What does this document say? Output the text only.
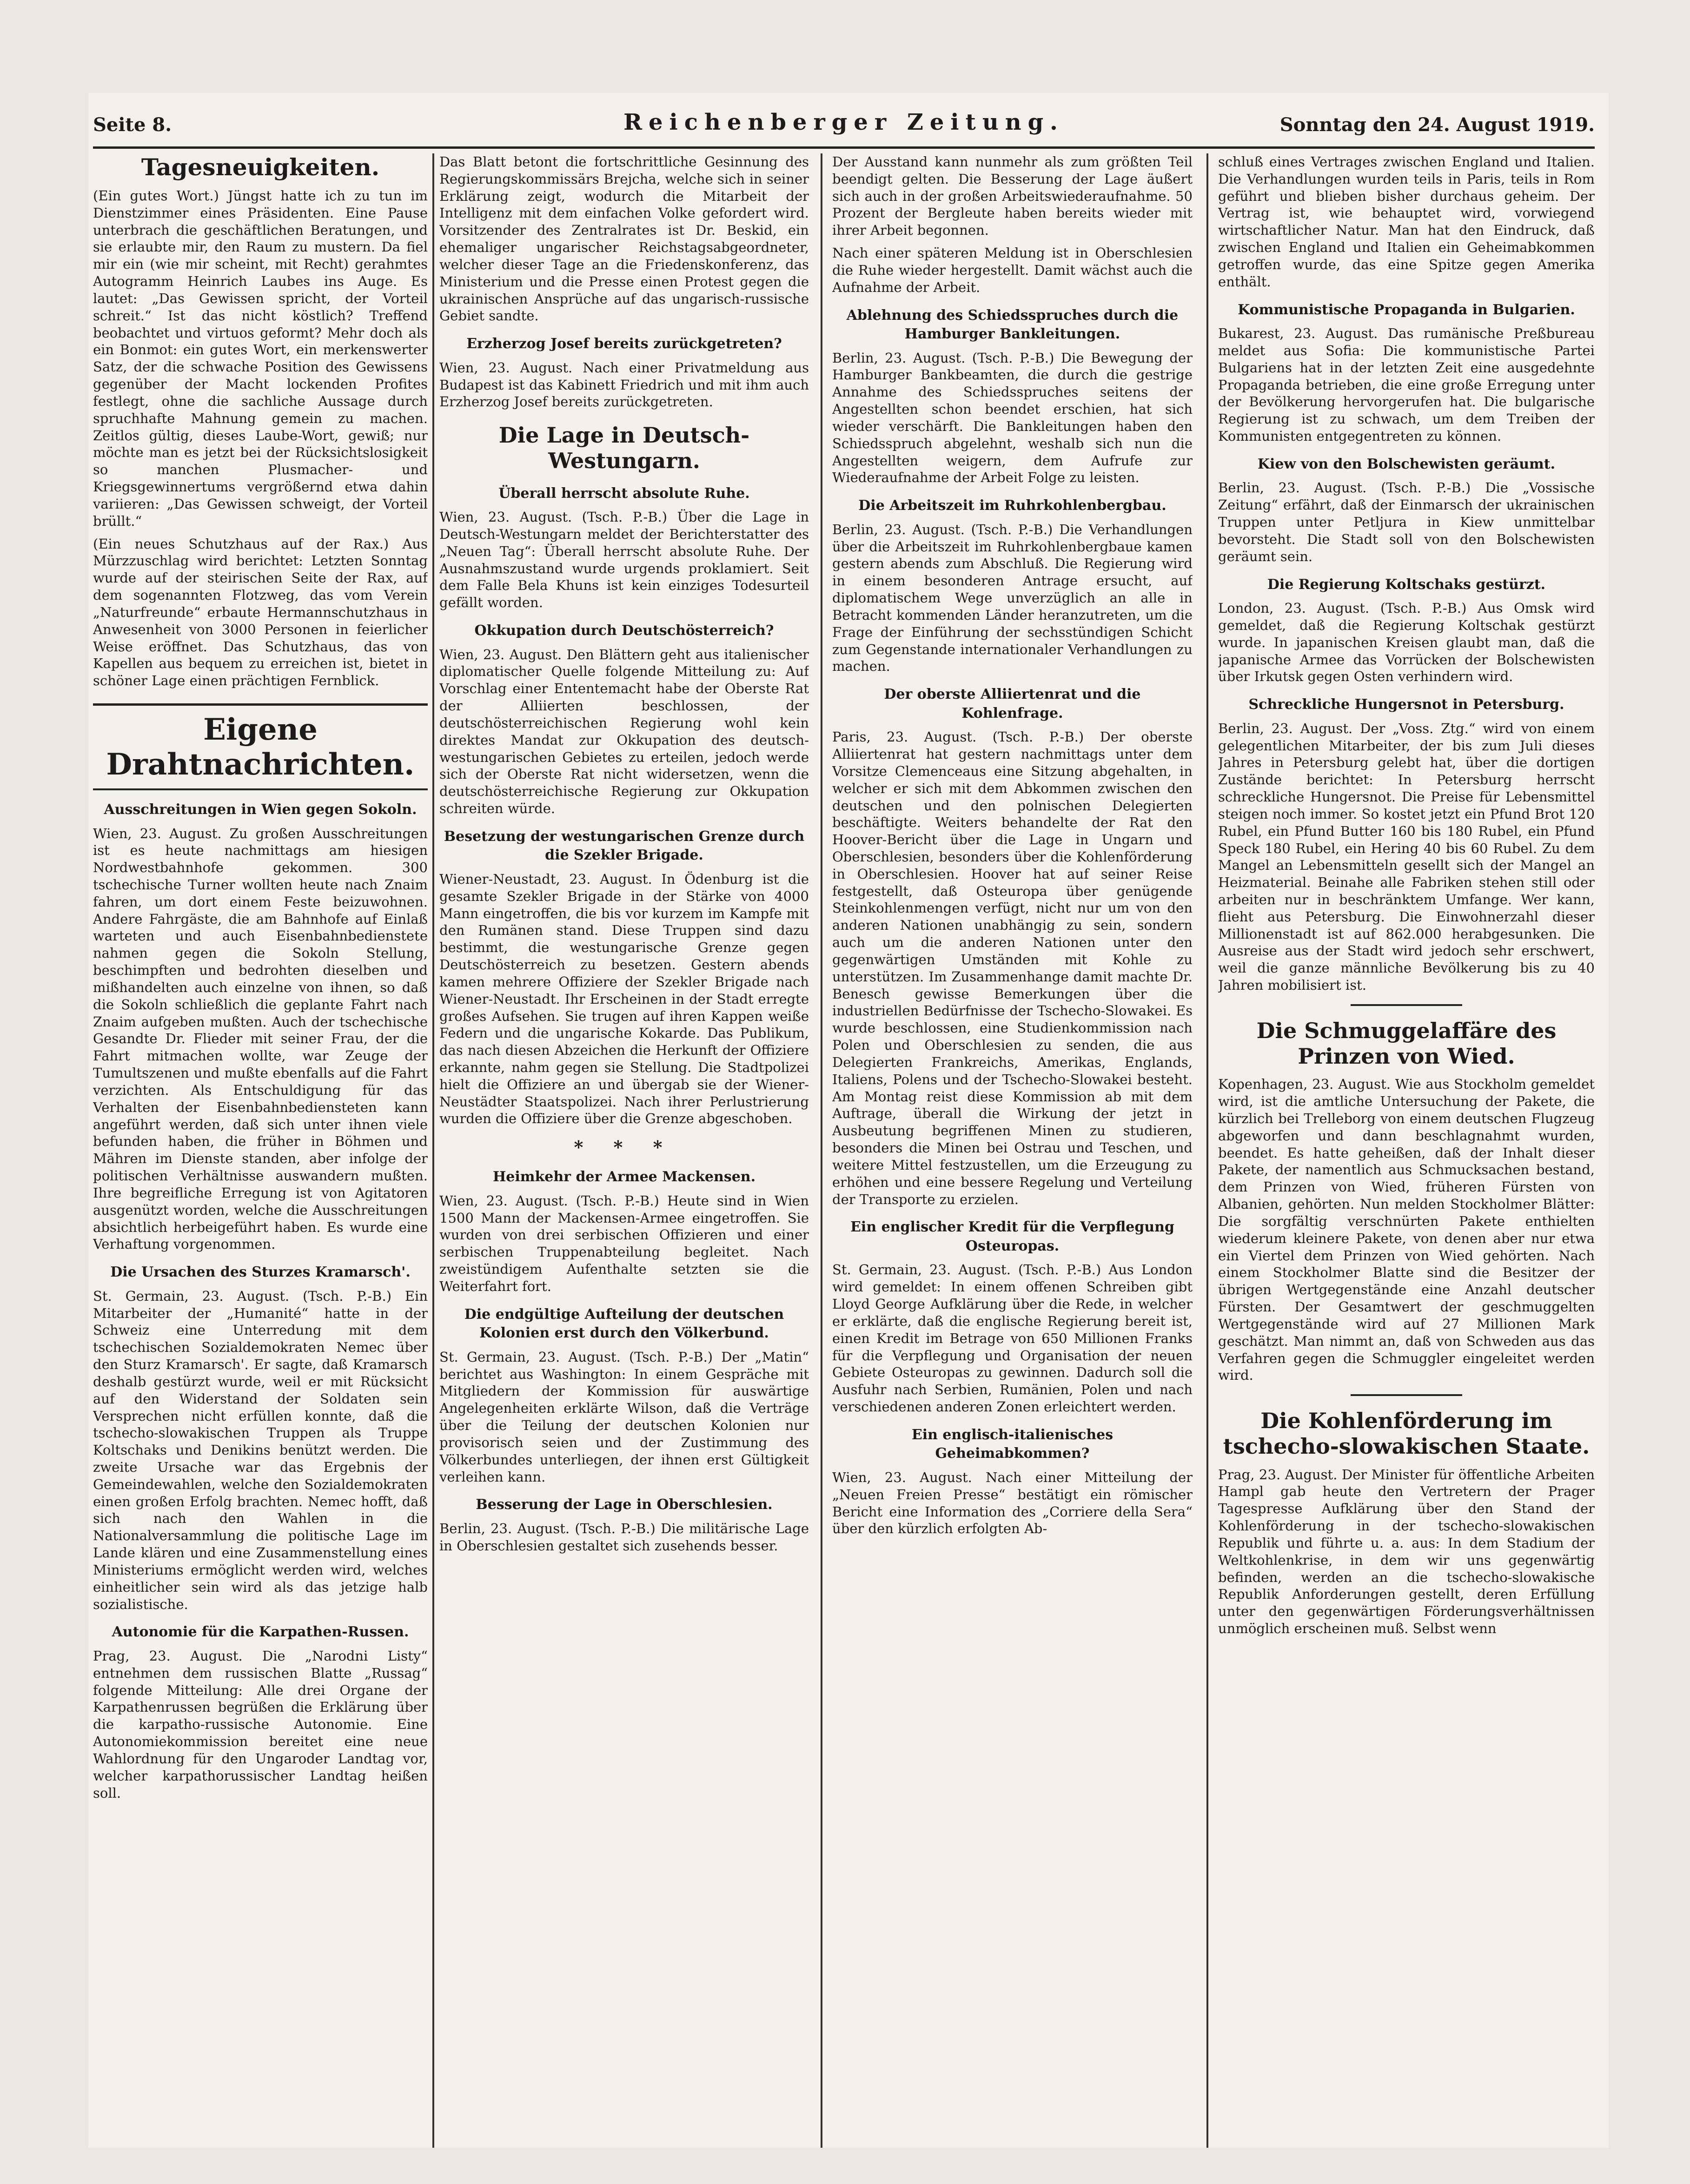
Seite 8.	Reichenberger Zeitung.	Sonntag den 24. August 1919.
Tagesneuigkeiten.

(Ein gutes Wort.) Jüngst hatte ich zu tun im Dienstzimmer eines Präsidenten. Eine Pause unterbrach die geschäftlichen Beratungen, und sie erlaubte mir, den Raum zu mustern. Da fiel mir ein (wie mir scheint, mit Recht) gerahmtes Autogramm Heinrich Laubes ins Auge. Es lautet: „Das Gewissen spricht, der Vorteil schreit.“ Ist das nicht köstlich? Treffend beobachtet und virtuos geformt? Mehr doch als ein Bonmot: ein gutes Wort, ein merkenswerter Satz, der die schwache Position des Gewissens gegenüber der Macht lockenden Profites festlegt, ohne die sachliche Aussage durch spruchhafte Mahnung gemein zu machen. Zeitlos gültig, dieses Laube-Wort, gewiß; nur möchte man es jetzt bei der Rücksichtslosigkeit so manchen Plusmacher- und Kriegsgewinnertums vergrößernd etwa dahin variieren: „Das Gewissen schweigt, der Vorteil brüllt.“

(Ein neues Schutzhaus auf der Rax.) Aus Mürzzuschlag wird berichtet: Letzten Sonntag wurde auf der steirischen Seite der Rax, auf dem sogenannten Flotzweg, das vom Verein „Naturfreunde“ erbaute Hermannschutzhaus in Anwesenheit von 3000 Personen in feierlicher Weise eröffnet. Das Schutzhaus, das von Kapellen aus bequem zu erreichen ist, bietet in schöner Lage einen prächtigen Fernblick.

Eigene Drahtnachrichten.
Ausschreitungen in Wien gegen Sokoln.

Wien, 23. August. Zu großen Ausschreitungen ist es heute nachmittags am hiesigen Nordwestbahnhofe gekommen. 300 tschechische Turner wollten heute nach Znaim fahren, um dort einem Feste beizuwohnen. Andere Fahrgäste, die am Bahnhofe auf Einlaß warteten und auch Eisenbahnbedienstete nahmen gegen die Sokoln Stellung, beschimpften und bedrohten dieselben und mißhandelten auch einzelne von ihnen, so daß die Sokoln schließlich die geplante Fahrt nach Znaim aufgeben mußten. Auch der tschechische Gesandte Dr. Flieder mit seiner Frau, der die Fahrt mitmachen wollte, war Zeuge der Tumultszenen und mußte ebenfalls auf die Fahrt verzichten. Als Entschuldigung für das Verhalten der Eisenbahnbediensteten kann angeführt werden, daß sich unter ihnen viele befunden haben, die früher in Böhmen und Mähren im Dienste standen, aber infolge der politischen Verhältnisse auswandern mußten. Ihre begreifliche Erregung ist von Agitatoren ausgenützt worden, welche die Ausschreitungen absichtlich herbeigeführt haben. Es wurde eine Verhaftung vorgenommen.

Die Ursachen des Sturzes Kramarsch'.

St. Germain, 23. August. (Tsch. P.-B.) Ein Mitarbeiter der „Humanité“ hatte in der Schweiz eine Unterredung mit dem tschechischen Sozialdemokraten Nemec über den Sturz Kramarsch'. Er sagte, daß Kramarsch deshalb gestürzt wurde, weil er mit Rücksicht auf den Widerstand der Soldaten sein Versprechen nicht erfüllen konnte, daß die tschecho-slowakischen Truppen als Truppe Koltschaks und Denikins benützt werden. Die zweite Ursache war das Ergebnis der Gemeindewahlen, welche den Sozialdemokraten einen großen Erfolg brachten. Nemec hofft, daß sich nach den Wahlen in die Nationalversammlung die politische Lage im Lande klären und eine Zusammenstellung eines Ministeriums ermöglicht werden wird, welches einheitlicher sein wird als das jetzige halb sozialistische.

Autonomie für die Karpathen-Russen.

Prag, 23. August. Die „Narodni Listy“ entnehmen dem russischen Blatte „Russag“ folgende Mitteilung: Alle drei Organe der Karpathenrussen begrüßen die Erklärung über die karpatho-russische Autonomie. Eine Autonomiekommission bereitet eine neue Wahlordnung für den Ungaroder Landtag vor, welcher karpathorussischer Landtag heißen soll.

Das Blatt betont die fortschrittliche Gesinnung des Regierungskommissärs Brejcha, welche sich in seiner Erklärung zeigt, wodurch die Mitarbeit der Intelligenz mit dem einfachen Volke gefordert wird. Vorsitzender des Zentralrates ist Dr. Beskid, ein ehemaliger ungarischer Reichstagsabgeordneter, welcher dieser Tage an die Friedenskonferenz, das Ministerium und die Presse einen Protest gegen die ukrainischen Ansprüche auf das ungarisch-russische Gebiet sandte.

Erzherzog Josef bereits zurückgetreten?

Wien, 23. August. Nach einer Privatmeldung aus Budapest ist das Kabinett Friedrich und mit ihm auch Erzherzog Josef bereits zurückgetreten.

Die Lage in Deutsch-Westungarn.
Überall herrscht absolute Ruhe.

Wien, 23. August. (Tsch. P.-B.) Über die Lage in Deutsch-Westungarn meldet der Berichterstatter des „Neuen Tag“: Überall herrscht absolute Ruhe. Der Ausnahmszustand wurde urgends proklamiert. Seit dem Falle Bela Khuns ist kein einziges Todesurteil gefällt worden.

Okkupation durch Deutschösterreich?

Wien, 23. August. Den Blättern geht aus italienischer diplomatischer Quelle folgende Mitteilung zu: Auf Vorschlag einer Ententemacht habe der Oberste Rat der Alliierten beschlossen, der deutschösterreichischen Regierung wohl kein direktes Mandat zur Okkupation des deutsch-westungarischen Gebietes zu erteilen, jedoch werde sich der Oberste Rat nicht widersetzen, wenn die deutschösterreichische Regierung zur Okkupation schreiten würde.

Besetzung der westungarischen Grenze durch die Szekler Brigade.

Wiener-Neustadt, 23. August. In Ödenburg ist die gesamte Szekler Brigade in der Stärke von 4000 Mann eingetroffen, die bis vor kurzem im Kampfe mit den Rumänen stand. Diese Truppen sind dazu bestimmt, die westungarische Grenze gegen Deutschösterreich zu besetzen. Gestern abends kamen mehrere Offiziere der Szekler Brigade nach Wiener-Neustadt. Ihr Erscheinen in der Stadt erregte großes Aufsehen. Sie trugen auf ihren Kappen weiße Federn und die ungarische Kokarde. Das Publikum, das nach diesen Abzeichen die Herkunft der Offiziere erkannte, nahm gegen sie Stellung. Die Stadtpolizei hielt die Offiziere an und übergab sie der Wiener-Neustädter Staatspolizei. Nach ihrer Perlustrierung wurden die Offiziere über die Grenze abgeschoben.

* * *
Heimkehr der Armee Mackensen.

Wien, 23. August. (Tsch. P.-B.) Heute sind in Wien 1500 Mann der Mackensen-Armee eingetroffen. Sie wurden von drei serbischen Offizieren und einer serbischen Truppenabteilung begleitet. Nach zweistündigem Aufenthalte setzten sie die Weiterfahrt fort.

Die endgültige Aufteilung der deutschen Kolonien erst durch den Völkerbund.

St. Germain, 23. August. (Tsch. P.-B.) Der „Matin“ berichtet aus Washington: In einem Gespräche mit Mitgliedern der Kommission für auswärtige Angelegenheiten erklärte Wilson, daß die Verträge über die Teilung der deutschen Kolonien nur provisorisch seien und der Zustimmung des Völkerbundes unterliegen, der ihnen erst Gültigkeit verleihen kann.

Besserung der Lage in Oberschlesien.

Berlin, 23. August. (Tsch. P.-B.) Die militärische Lage in Oberschlesien gestaltet sich zusehends besser.

Der Ausstand kann nunmehr als zum größten Teil beendigt gelten. Die Besserung der Lage äußert sich auch in der großen Arbeitswiederaufnahme. 50 Prozent der Bergleute haben bereits wieder mit ihrer Arbeit begonnen.

Nach einer späteren Meldung ist in Oberschlesien die Ruhe wieder hergestellt. Damit wächst auch die Aufnahme der Arbeit.

Ablehnung des Schiedsspruches durch die Hamburger Bankleitungen.

Berlin, 23. August. (Tsch. P.-B.) Die Bewegung der Hamburger Bankbeamten, die durch die gestrige Annahme des Schiedsspruches seitens der Angestellten schon beendet erschien, hat sich wieder verschärft. Die Bankleitungen haben den Schiedsspruch abgelehnt, weshalb sich nun die Angestellten weigern, dem Aufrufe zur Wiederaufnahme der Arbeit Folge zu leisten.

Die Arbeitszeit im Ruhrkohlenbergbau.

Berlin, 23. August. (Tsch. P.-B.) Die Verhandlungen über die Arbeitszeit im Ruhrkohlenbergbaue kamen gestern abends zum Abschluß. Die Regierung wird in einem besonderen Antrage ersucht, auf diplomatischem Wege unverzüglich an alle in Betracht kommenden Länder heranzutreten, um die Frage der Einführung der sechsstündigen Schicht zum Gegenstande internationaler Verhandlungen zu machen.

Der oberste Alliiertenrat und die Kohlenfrage.

Paris, 23. August. (Tsch. P.-B.) Der oberste Alliiertenrat hat gestern nachmittags unter dem Vorsitze Clemenceaus eine Sitzung abgehalten, in welcher er sich mit dem Abkommen zwischen den deutschen und den polnischen Delegierten beschäftigte. Weiters behandelte der Rat den Hoover-Bericht über die Lage in Ungarn und Oberschlesien, besonders über die Kohlenförderung in Oberschlesien. Hoover hat auf seiner Reise festgestellt, daß Osteuropa über genügende Steinkohlenmengen verfügt, nicht nur um von den anderen Nationen unabhängig zu sein, sondern auch um die anderen Nationen unter den gegenwärtigen Umständen mit Kohle zu unterstützen. Im Zusammenhange damit machte Dr. Benesch gewisse Bemerkungen über die industriellen Bedürfnisse der Tschecho-Slowakei. Es wurde beschlossen, eine Studienkommission nach Polen und Oberschlesien zu senden, die aus Delegierten Frankreichs, Amerikas, Englands, Italiens, Polens und der Tschecho-Slowakei besteht. Am Montag reist diese Kommission ab mit dem Auftrage, überall die Wirkung der jetzt in Ausbeutung begriffenen Minen zu studieren, besonders die Minen bei Ostrau und Teschen, und weitere Mittel festzustellen, um die Erzeugung zu erhöhen und eine bessere Regelung und Verteilung der Transporte zu erzielen.

Ein englischer Kredit für die Verpflegung Osteuropas.

St. Germain, 23. August. (Tsch. P.-B.) Aus London wird gemeldet: In einem offenen Schreiben gibt Lloyd George Aufklärung über die Rede, in welcher er erklärte, daß die englische Regierung bereit ist, einen Kredit im Betrage von 650 Millionen Franks für die Verpflegung und Organisation der neuen Gebiete Osteuropas zu gewinnen. Dadurch soll die Ausfuhr nach Serbien, Rumänien, Polen und nach verschiedenen anderen Zonen erleichtert werden.

Ein englisch-italienisches Geheimabkommen?

Wien, 23. August. Nach einer Mitteilung der „Neuen Freien Presse“ bestätigt ein römischer Bericht eine Information des „Corriere della Sera“ über den kürzlich erfolgten Ab-

schluß eines Vertrages zwischen England und Italien. Die Verhandlungen wurden teils in Paris, teils in Rom geführt und blieben bisher durchaus geheim. Der Vertrag ist, wie behauptet wird, vorwiegend wirtschaftlicher Natur. Man hat den Eindruck, daß zwischen England und Italien ein Geheimabkommen getroffen wurde, das eine Spitze gegen Amerika enthält.

Kommunistische Propaganda in Bulgarien.

Bukarest, 23. August. Das rumänische Preßbureau meldet aus Sofia: Die kommunistische Partei Bulgariens hat in der letzten Zeit eine ausgedehnte Propaganda betrieben, die eine große Erregung unter der Bevölkerung hervorgerufen hat. Die bulgarische Regierung ist zu schwach, um dem Treiben der Kommunisten entgegentreten zu können.

Kiew von den Bolschewisten geräumt.

Berlin, 23. August. (Tsch. P.-B.) Die „Vossische Zeitung“ erfährt, daß der Einmarsch der ukrainischen Truppen unter Petljura in Kiew unmittelbar bevorsteht. Die Stadt soll von den Bolschewisten geräumt sein.

Die Regierung Koltschaks gestürzt.

London, 23. August. (Tsch. P.-B.) Aus Omsk wird gemeldet, daß die Regierung Koltschak gestürzt wurde. In japanischen Kreisen glaubt man, daß die japanische Armee das Vorrücken der Bolschewisten über Irkutsk gegen Osten verhindern wird.

Schreckliche Hungersnot in Petersburg.

Berlin, 23. August. Der „Voss. Ztg.“ wird von einem gelegentlichen Mitarbeiter, der bis zum Juli dieses Jahres in Petersburg gelebt hat, über die dortigen Zustände berichtet: In Petersburg herrscht schreckliche Hungersnot. Die Preise für Lebensmittel steigen noch immer. So kostet jetzt ein Pfund Brot 120 Rubel, ein Pfund Butter 160 bis 180 Rubel, ein Pfund Speck 180 Rubel, ein Hering 40 bis 60 Rubel. Zu dem Mangel an Lebensmitteln gesellt sich der Mangel an Heizmaterial. Beinahe alle Fabriken stehen still oder arbeiten nur in beschränktem Umfange. Wer kann, flieht aus Petersburg. Die Einwohnerzahl dieser Millionenstadt ist auf 862.000 herabgesunken. Die Ausreise aus der Stadt wird jedoch sehr erschwert, weil die ganze männliche Bevölkerung bis zu 40 Jahren mobilisiert ist.

Die Schmuggelaffäre des Prinzen von Wied.

Kopenhagen, 23. August. Wie aus Stockholm gemeldet wird, ist die amtliche Untersuchung der Pakete, die kürzlich bei Trelleborg von einem deutschen Flugzeug abgeworfen und dann beschlagnahmt wurden, beendet. Es hatte geheißen, daß der Inhalt dieser Pakete, der namentlich aus Schmucksachen bestand, dem Prinzen von Wied, früheren Fürsten von Albanien, gehörten. Nun melden Stockholmer Blätter: Die sorgfältig verschnürten Pakete enthielten wiederum kleinere Pakete, von denen aber nur etwa ein Viertel dem Prinzen von Wied gehörten. Nach einem Stockholmer Blatte sind die Besitzer der übrigen Wertgegenstände eine Anzahl deutscher Fürsten. Der Gesamtwert der geschmuggelten Wertgegenstände wird auf 27 Millionen Mark geschätzt. Man nimmt an, daß von Schweden aus das Verfahren gegen die Schmuggler eingeleitet werden wird.

Die Kohlenförderung im tschecho-slowakischen Staate.

Prag, 23. August. Der Minister für öffentliche Arbeiten Hampl gab heute den Vertretern der Prager Tagespresse Aufklärung über den Stand der Kohlenförderung in der tschecho-slowakischen Republik und führte u. a. aus: In dem Stadium der Weltkohlenkrise, in dem wir uns gegenwärtig befinden, werden an die tschecho-slowakische Republik Anforderungen gestellt, deren Erfüllung unter den gegenwärtigen Förderungsverhältnissen unmöglich erscheinen muß. Selbst wenn
